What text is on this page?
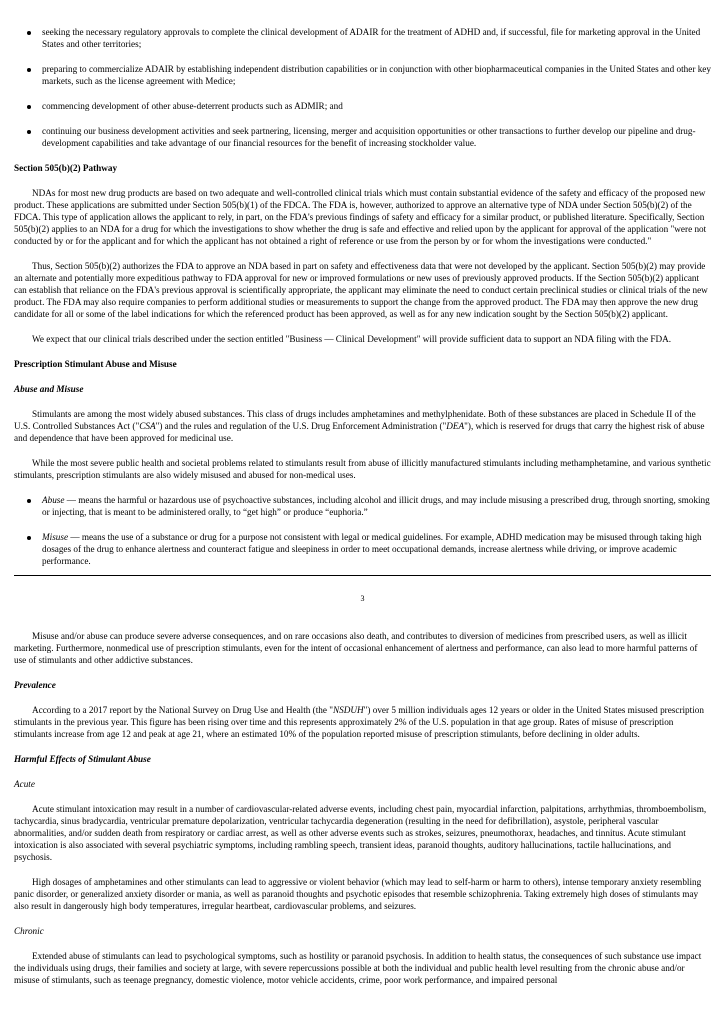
seeking the necessary regulatory approvals to complete the clinical development of ADAIR for the treatment of ADHD and, if successful, file for marketing approval in the United States and other territories;
preparing to commercialize ADAIR by establishing independent distribution capabilities or in conjunction with other biopharmaceutical companies in the United States and other key markets, such as the license agreement with Medice;
commencing development of other abuse-deterrent products such as ADMIR; and
continuing our business development activities and seek partnering, licensing, merger and acquisition opportunities or other transactions to further develop our pipeline and drug-development capabilities and take advantage of our financial resources for the benefit of increasing stockholder value.
Section 505(b)(2) Pathway

NDAs for most new drug products are based on two adequate and well-controlled clinical trials which must contain substantial evidence of the safety and efficacy of the proposed new product. These applications are submitted under Section 505(b)(1) of the FDCA. The FDA is, however, authorized to approve an alternative type of NDA under Section 505(b)(2) of the FDCA. This type of application allows the applicant to rely, in part, on the FDA's previous findings of safety and efficacy for a similar product, or published literature. Specifically, Section 505(b)(2) applies to an NDA for a drug for which the investigations to show whether the drug is safe and effective and relied upon by the applicant for approval of the application "were not conducted by or for the applicant and for which the applicant has not obtained a right of reference or use from the person by or for whom the investigations were conducted."

Thus, Section 505(b)(2) authorizes the FDA to approve an NDA based in part on safety and effectiveness data that were not developed by the applicant. Section 505(b)(2) may provide an alternate and potentially more expeditious pathway to FDA approval for new or improved formulations or new uses of previously approved products. If the Section 505(b)(2) applicant can establish that reliance on the FDA's previous approval is scientifically appropriate, the applicant may eliminate the need to conduct certain preclinical studies or clinical trials of the new product. The FDA may also require companies to perform additional studies or measurements to support the change from the approved product. The FDA may then approve the new drug candidate for all or some of the label indications for which the referenced product has been approved, as well as for any new indication sought by the Section 505(b)(2) applicant.

We expect that our clinical trials described under the section entitled "Business — Clinical Development" will provide sufficient data to support an NDA filing with the FDA.

Prescription Stimulant Abuse and Misuse
Abuse and Misuse

Stimulants are among the most widely abused substances. This class of drugs includes amphetamines and methylphenidate. Both of these substances are placed in Schedule II of the U.S. Controlled Substances Act ("CSA") and the rules and regulation of the U.S. Drug Enforcement Administration ("DEA"), which is reserved for drugs that carry the highest risk of abuse and dependence that have been approved for medicinal use.

While the most severe public health and societal problems related to stimulants result from abuse of illicitly manufactured stimulants including methamphetamine, and various synthetic stimulants, prescription stimulants are also widely misused and abused for non-medical uses.

Abuse — means the harmful or hazardous use of psychoactive substances, including alcohol and illicit drugs, and may include misusing a prescribed drug, through snorting, smoking or injecting, that is meant to be administered orally, to “get high” or produce “euphoria.”
Misuse — means the use of a substance or drug for a purpose not consistent with legal or medical guidelines. For example, ADHD medication may be misused through taking high dosages of the drug to enhance alertness and counteract fatigue and sleepiness in order to meet occupational demands, increase alertness while driving, or improve academic performance.
3

Misuse and/or abuse can produce severe adverse consequences, and on rare occasions also death, and contributes to diversion of medicines from prescribed users, as well as illicit marketing. Furthermore, nonmedical use of prescription stimulants, even for the intent of occasional enhancement of alertness and performance, can also lead to more harmful patterns of use of stimulants and other addictive substances.

Prevalence

According to a 2017 report by the National Survey on Drug Use and Health (the "NSDUH") over 5 million individuals ages 12 years or older in the United States misused prescription stimulants in the previous year. This figure has been rising over time and this represents approximately 2% of the U.S. population in that age group. Rates of misuse of prescription stimulants increase from age 12 and peak at age 21, where an estimated 10% of the population reported misuse of prescription stimulants, before declining in older adults.

Harmful Effects of Stimulant Abuse
Acute

Acute stimulant intoxication may result in a number of cardiovascular-related adverse events, including chest pain, myocardial infarction, palpitations, arrhythmias, thromboembolism, tachycardia, sinus bradycardia, ventricular premature depolarization, ventricular tachycardia degeneration (resulting in the need for defibrillation), asystole, peripheral vascular abnormalities, and/or sudden death from respiratory or cardiac arrest, as well as other adverse events such as strokes, seizures, pneumothorax, headaches, and tinnitus. Acute stimulant intoxication is also associated with several psychiatric symptoms, including rambling speech, transient ideas, paranoid thoughts, auditory hallucinations, tactile hallucinations, and psychosis.

High dosages of amphetamines and other stimulants can lead to aggressive or violent behavior (which may lead to self-harm or harm to others), intense temporary anxiety resembling panic disorder, or generalized anxiety disorder or mania, as well as paranoid thoughts and psychotic episodes that resemble schizophrenia. Taking extremely high doses of stimulants may also result in dangerously high body temperatures, irregular heartbeat, cardiovascular problems, and seizures.

Chronic

Extended abuse of stimulants can lead to psychological symptoms, such as hostility or paranoid psychosis. In addition to health status, the consequences of such substance use impact the individuals using drugs, their families and society at large, with severe repercussions possible at both the individual and public health level resulting from the chronic abuse and/or misuse of stimulants, such as teenage pregnancy, domestic violence, motor vehicle accidents, crime, poor work performance, and impaired personal
